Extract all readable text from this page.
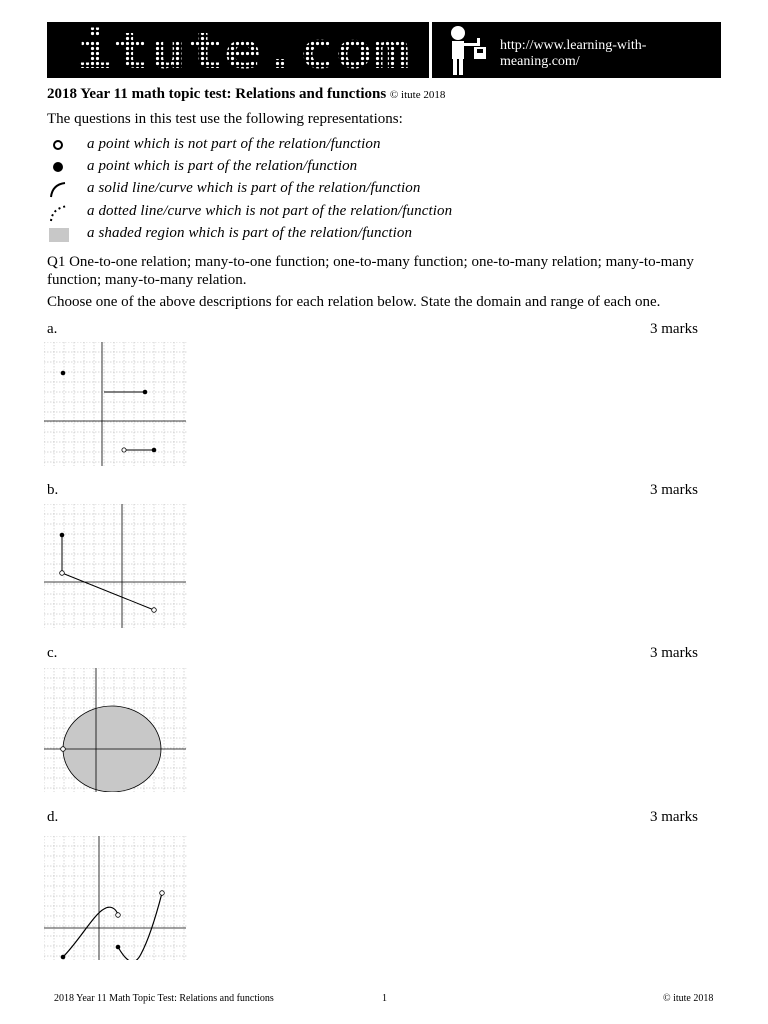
itute.com	http://www.learning-with-meaning.com/
2018 Year 11 math topic test: Relations and functions © itute 2018
The questions in this test use the following representations:
a point which is not part of the relation/function
a point which is part of the relation/function
a solid line/curve which is part of the relation/function
a dotted line/curve which is not part of the relation/function
a shaded region which is part of the relation/function
Q1 One-to-one relation; many-to-one function; one-to-many function; one-to-many relation; many-to-many function; many-to-many relation.
Choose one of the above descriptions for each relation below. State the domain and range of each one.
a.	3 marks
b.	3 marks
c.	3 marks
d.	3 marks
2018 Year 11 Math Topic Test: Relations and functions	1	© itute 2018
